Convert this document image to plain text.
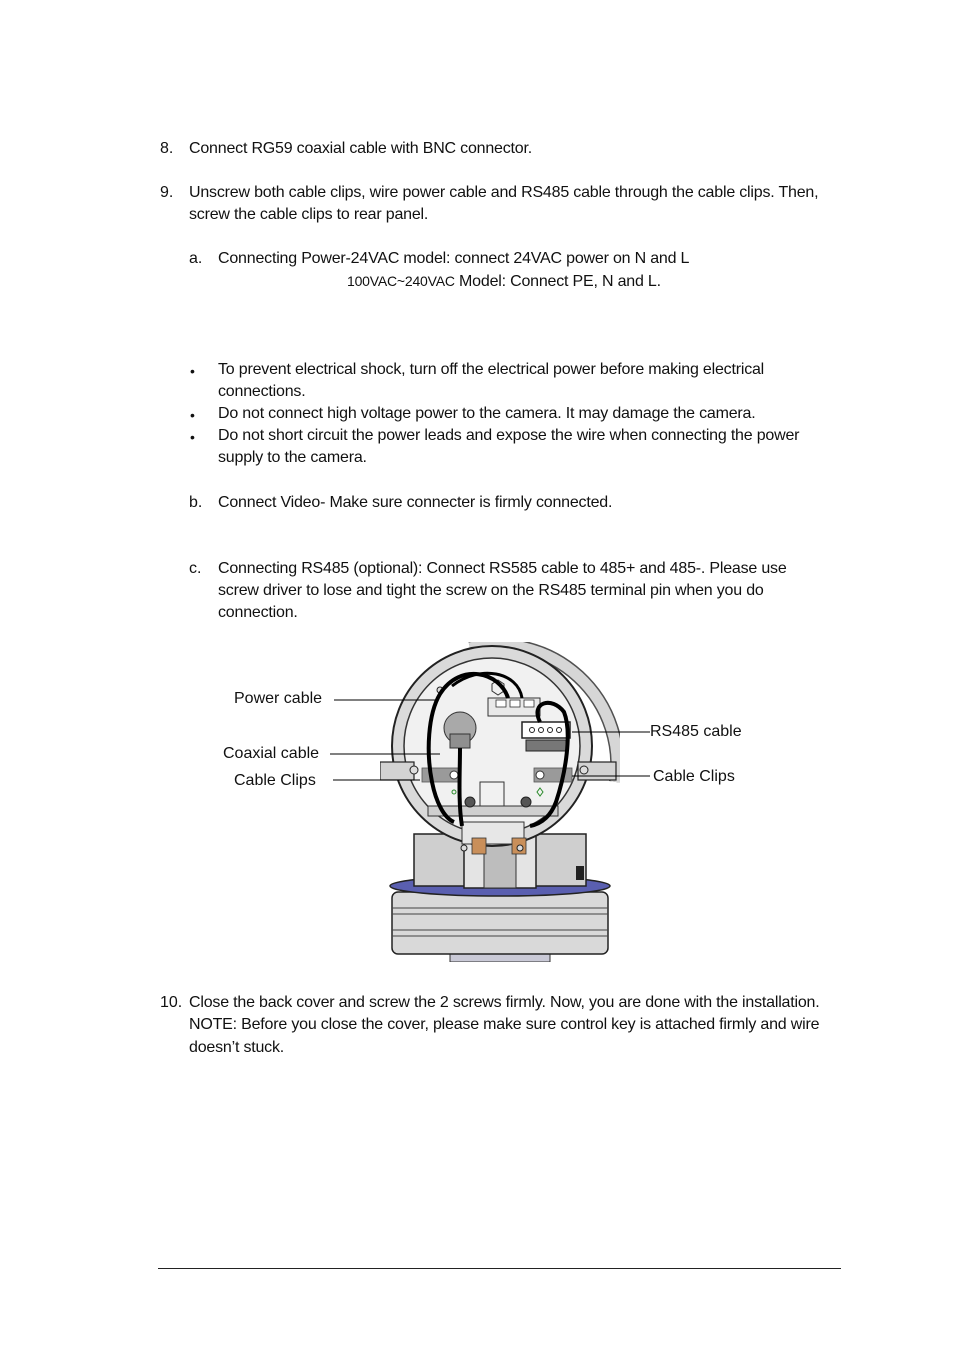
8. Connect RG59 coaxial cable with BNC connector.
9. Unscrew both cable clips, wire power cable and RS485 cable through the cable clips. Then,
screw the cable clips to rear panel.
a. Connecting Power-24VAC model: connect 24VAC power on N and L
100VAC~240VAC Model: Connect PE, N and L.
• To prevent electrical shock, turn off the electrical power before making electrical
connections.
• Do not connect high voltage power to the camera. It may damage the camera.
• Do not short circuit the power leads and expose the wire when connecting the power
supply to the camera.
b. Connect Video- Make sure connecter is firmly connected.
c. Connecting RS485 (optional): Connect RS585 cable to 485+ and 485-. Please use
screw driver to lose and tight the screw on the RS485 terminal pin when you do
connection.
Power cable
Coaxial cable
Cable Clips
RS485 cable
Cable Clips
10. Close the back cover and screw the 2 screws firmly. Now, you are done with the installation.
NOTE: Before you close the cover, please make sure control key is attached firmly and wire
doesn’t stuck.
